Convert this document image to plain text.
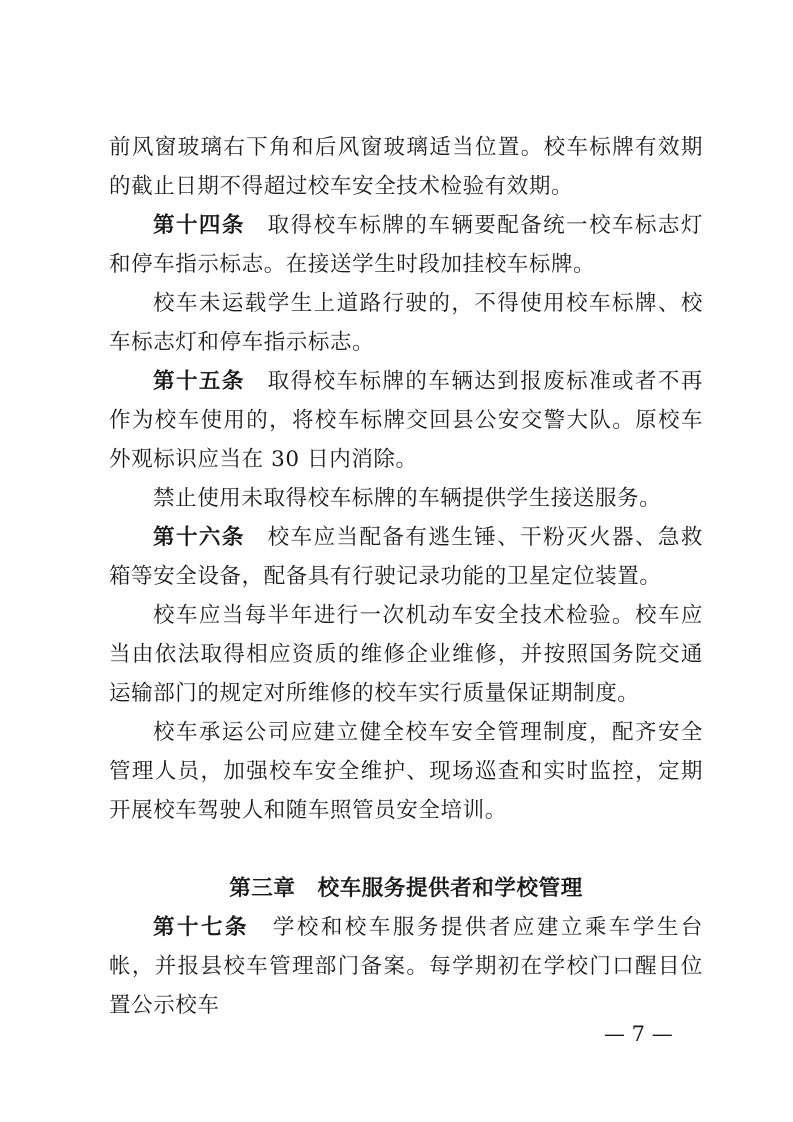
前风窗玻璃右下角和后风窗玻璃适当位置。校车标牌有效期的截止日期不得超过校车安全技术检验有效期。

第十四条 取得校车标牌的车辆要配备统一校车标志灯和停车指示标志。在接送学生时段加挂校车标牌。

校车未运载学生上道路行驶的，不得使用校车标牌、校车标志灯和停车指示标志。

第十五条 取得校车标牌的车辆达到报废标准或者不再作为校车使用的，将校车标牌交回县公安交警大队。原校车外观标识应当在 30 日内消除。

禁止使用未取得校车标牌的车辆提供学生接送服务。

第十六条 校车应当配备有逃生锤、干粉灭火器、急救箱等安全设备，配备具有行驶记录功能的卫星定位装置。

校车应当每半年进行一次机动车安全技术检验。校车应当由依法取得相应资质的维修企业维修，并按照国务院交通运输部门的规定对所维修的校车实行质量保证期制度。

校车承运公司应建立健全校车安全管理制度，配齐安全管理人员，加强校车安全维护、现场巡查和实时监控，定期开展校车驾驶人和随车照管员安全培训。

第三章　校车服务提供者和学校管理

第十七条 学校和校车服务提供者应建立乘车学生台帐，并报县校车管理部门备案。每学期初在学校门口醒目位置公示校车

— 7 —
